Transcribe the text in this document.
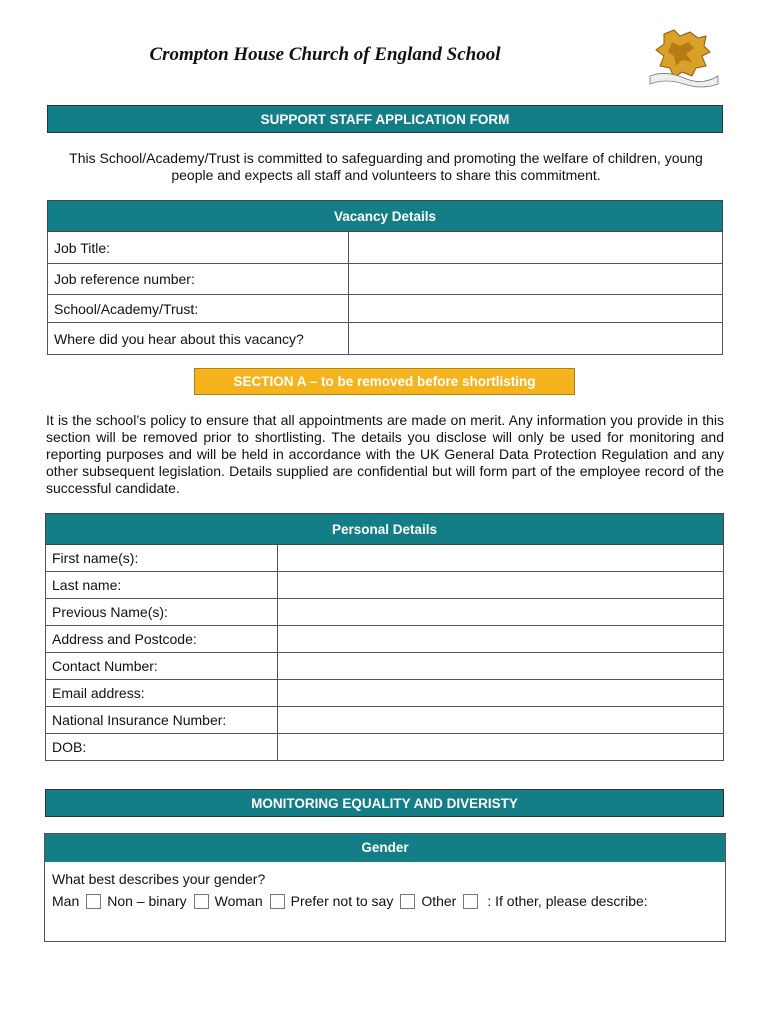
Crompton House Church of England School
SUPPORT STAFF APPLICATION FORM
This School/Academy/Trust is committed to safeguarding and promoting the welfare of children, young people and expects all staff and volunteers to share this commitment.
Vacancy Details	
Job Title:	
Job reference number:	
School/Academy/Trust:	
Where did you hear about this vacancy?	
SECTION A – to be removed before shortlisting
It is the school’s policy to ensure that all appointments are made on merit. Any information you provide in this section will be removed prior to shortlisting. The details you disclose will only be used for monitoring and reporting purposes and will be held in accordance with the UK General Data Protection Regulation and any other subsequent legislation. Details supplied are confidential but will form part of the employee record of the successful candidate.
Personal Details	
First name(s):	
Last name:	
Previous Name(s):	
Address and Postcode:	
Contact Number:	
Email address:	
National Insurance Number:	
DOB:	
MONITORING EQUALITY AND DIVERISTY
Gender
What best describes your gender?
Man Non – binary Woman Prefer not to say Other : If other, please describe:
